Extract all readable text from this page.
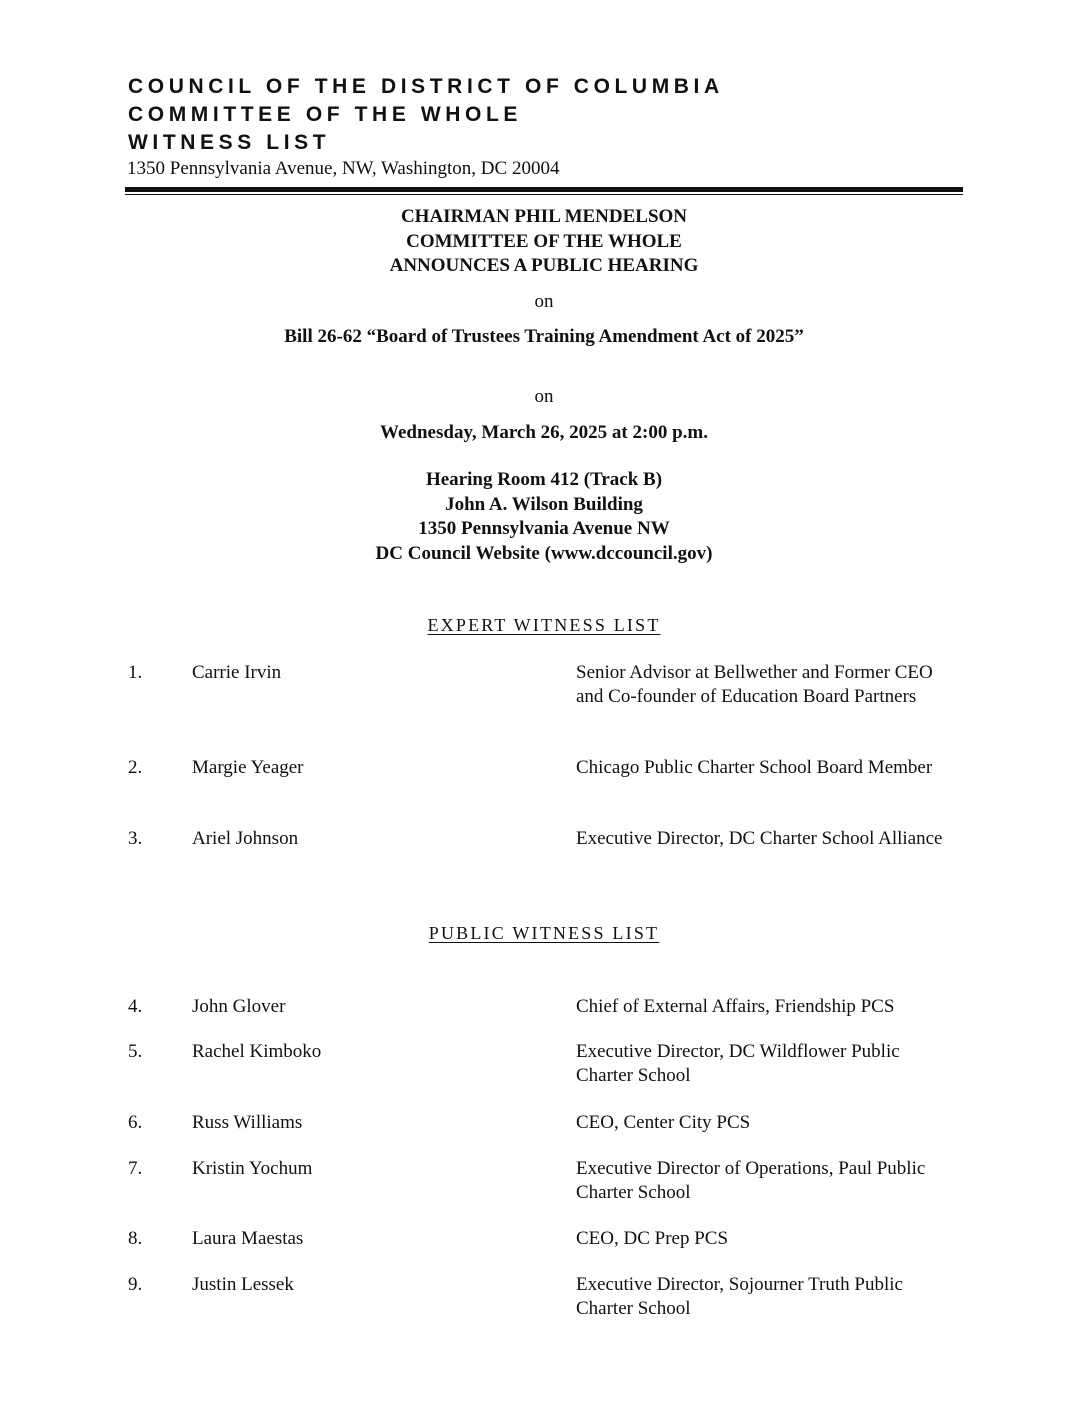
COUNCIL OF THE DISTRICT OF COLUMBIA
COMMITTEE OF THE WHOLE
WITNESS LIST
1350 Pennsylvania Avenue, NW, Washington, DC 20004
CHAIRMAN PHIL MENDELSON
COMMITTEE OF THE WHOLE
ANNOUNCES A PUBLIC HEARING
on
Bill 26-62 “Board of Trustees Training Amendment Act of 2025”
on
Wednesday, March 26, 2025 at 2:00 p.m.
Hearing Room 412 (Track B)
John A. Wilson Building
1350 Pennsylvania Avenue NW
DC Council Website (www.dccouncil.gov)
EXPERT WITNESS LIST
1.	Carrie Irvin	Senior Advisor at Bellwether and Former CEO and Co-founder of Education Board Partners
2.	Margie Yeager	Chicago Public Charter School Board Member
3.	Ariel Johnson	Executive Director, DC Charter School Alliance
PUBLIC WITNESS LIST
4.	John Glover	Chief of External Affairs, Friendship PCS
5.	Rachel Kimboko	Executive Director, DC Wildflower Public Charter School
6.	Russ Williams	CEO, Center City PCS
7.	Kristin Yochum	Executive Director of Operations, Paul Public Charter School
8.	Laura Maestas	CEO, DC Prep PCS
9.	Justin Lessek	Executive Director, Sojourner Truth Public Charter School
